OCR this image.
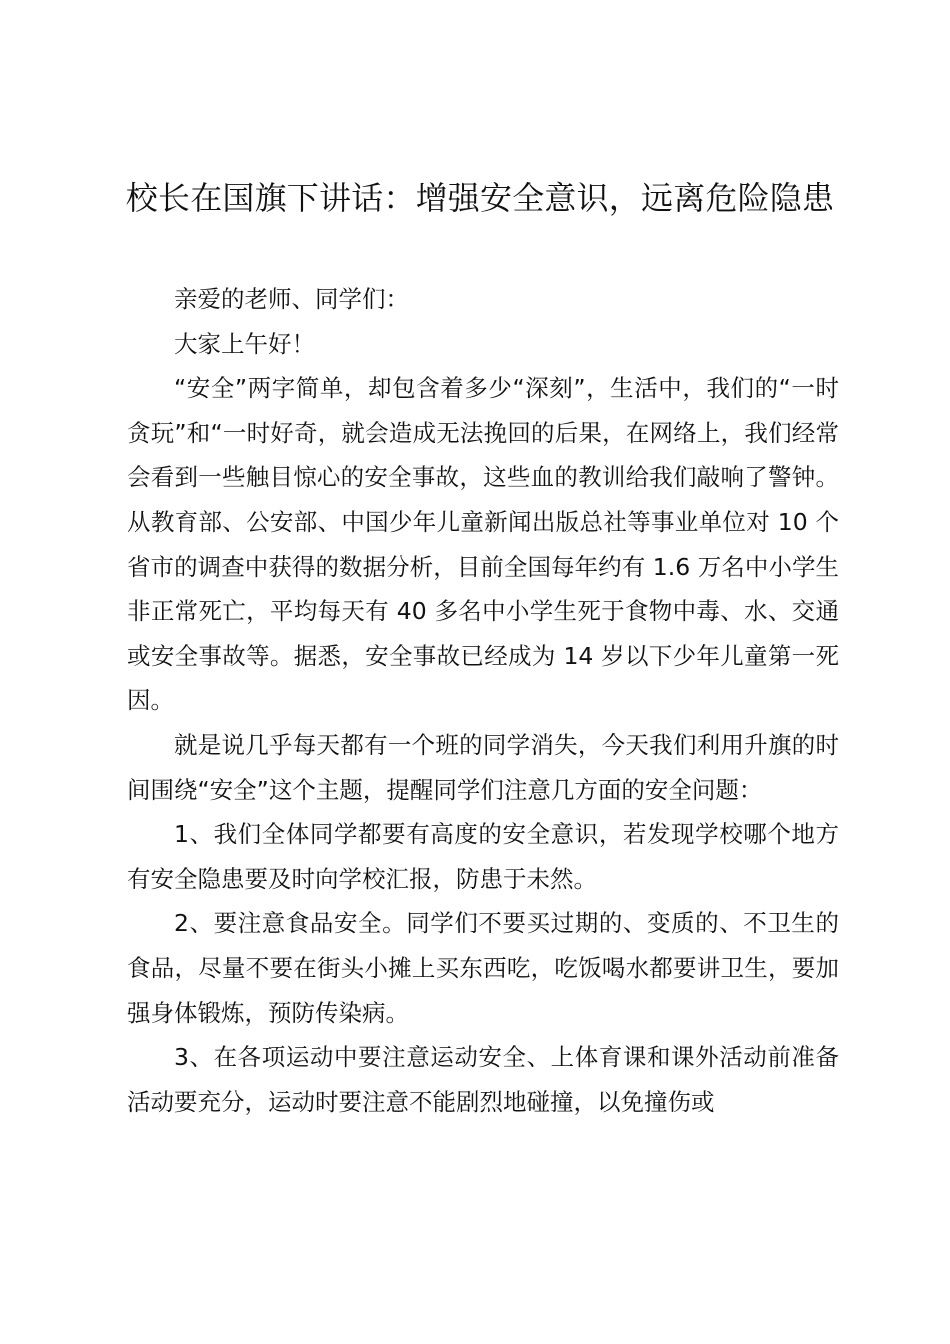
校长在国旗下讲话：增强安全意识，远离危险隐患

亲爱的老师、同学们：

大家上午好！

“安全”两字简单，却包含着多少“深刻”，生活中，我们的“一时贪玩”和“一时好奇，就会造成无法挽回的后果，在网络上，我们经常会看到一些触目惊心的安全事故，这些血的教训给我们敲响了警钟。从教育部、公安部、中国少年儿童新闻出版总社等事业单位对 10 个省市的调查中获得的数据分析，目前全国每年约有 1.6 万名中小学生非正常死亡，平均每天有 40 多名中小学生死于食物中毒、水、交通或安全事故等。据悉，安全事故已经成为 14 岁以下少年儿童第一死因。

就是说几乎每天都有一个班的同学消失，今天我们利用升旗的时间围绕“安全”这个主题，提醒同学们注意几方面的安全问题：

1、我们全体同学都要有高度的安全意识，若发现学校哪个地方有安全隐患要及时向学校汇报，防患于未然。

2、要注意食品安全。同学们不要买过期的、变质的、不卫生的食品，尽量不要在街头小摊上买东西吃，吃饭喝水都要讲卫生，要加强身体锻炼，预防传染病。

3、在各项运动中要注意运动安全、上体育课和课外活动前准备活动要充分，运动时要注意不能剧烈地碰撞，以免撞伤或
